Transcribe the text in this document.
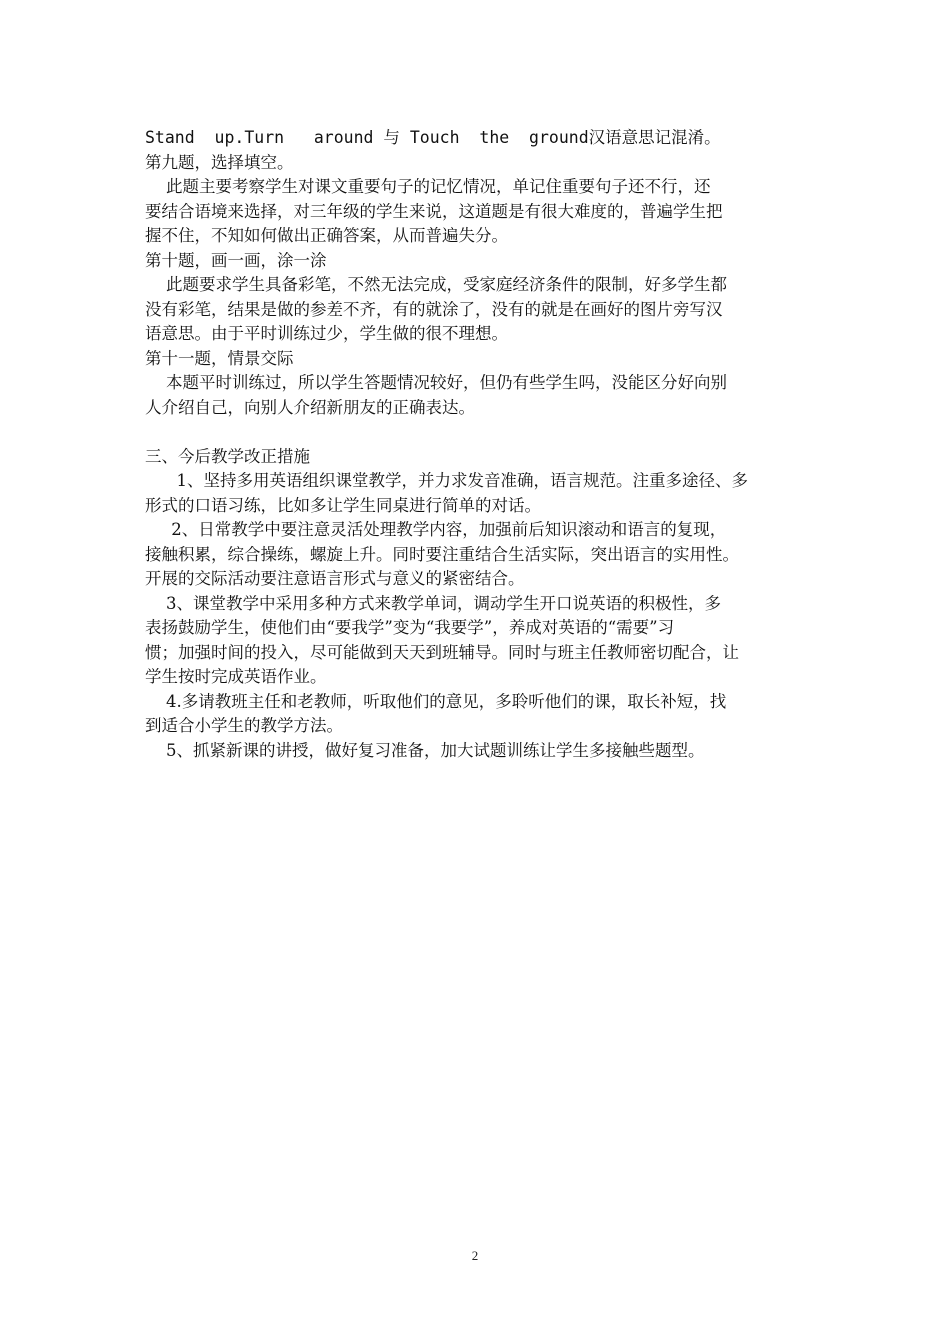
Stand  up.Turn   around 与 Touch  the  ground汉语意思记混淆。
第九题，选择填空。
此题主要考察学生对课文重要句子的记忆情况，单记住重要句子还不行，还
要结合语境来选择，对三年级的学生来说，这道题是有很大难度的，普遍学生把
握不住，不知如何做出正确答案，从而普遍失分。
第十题，画一画，涂一涂
此题要求学生具备彩笔，不然无法完成，受家庭经济条件的限制，好多学生都
没有彩笔，结果是做的参差不齐，有的就涂了，没有的就是在画好的图片旁写汉
语意思。由于平时训练过少，学生做的很不理想。
第十一题，情景交际
本题平时训练过，所以学生答题情况较好，但仍有些学生吗，没能区分好向别
人介绍自己，向别人介绍新朋友的正确表达。
三、今后教学改正措施
1、坚持多用英语组织课堂教学，并力求发音准确，语言规范。注重多途径、多
形式的口语习练，比如多让学生同桌进行简单的对话。
2、日常教学中要注意灵活处理教学内容，加强前后知识滚动和语言的复现，
接触积累，综合操练，螺旋上升。同时要注重结合生活实际，突出语言的实用性。
开展的交际活动要注意语言形式与意义的紧密结合。
3、课堂教学中采用多种方式来教学单词，调动学生开口说英语的积极性，多
表扬鼓励学生，使他们由“要我学”变为“我要学”，养成对英语的“需要”习
惯；加强时间的投入，尽可能做到天天到班辅导。同时与班主任教师密切配合，让
学生按时完成英语作业。
4.多请教班主任和老教师，听取他们的意见，多聆听他们的课，取长补短，找
到适合小学生的教学方法。
5、抓紧新课的讲授，做好复习准备，加大试题训练让学生多接触些题型。
2
